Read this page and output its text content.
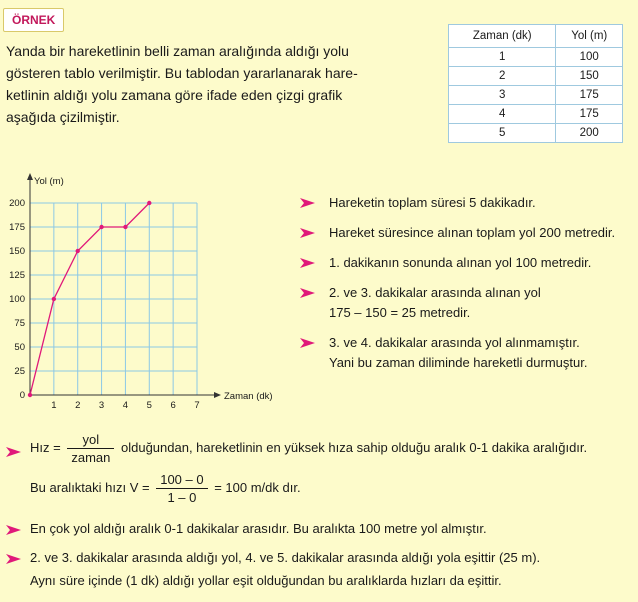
ÖRNEK

Yanda bir hareketlinin belli zaman aralığında aldığı yolu
gösteren tablo verilmiştir. Bu tablodan yararlanarak hare-
ketlinin aldığı yolu zamana göre ifade eden çizgi grafik
aşağıda çizilmiştir.

Zaman (dk)	Yol (m)
1	100
2	150
3	175
4	175
5	200
0
1 2 3 4 5 6 7
25
50
75
100
125
150
175
200
Yol (m)
Zaman (dk)
Hareketin toplam süresi 5 dakikadır.
Hareket süresince alınan toplam yol 200 metredir.
1. dakikanın sonunda alınan yol 100 metredir.
2. ve 3. dakikalar arasında alınan yol
175 – 150 = 25 metredir.
3. ve 4. dakikalar arasında yol alınmamıştır.
Yani bu zaman diliminde hareketli durmuştur.
Hız = $\frac{\text{yol}}{\text{zaman}}$ olduğundan, hareketlinin en yüksek hıza sahip olduğu aralık 0-1 dakika aralığıdır.
Bu aralıktaki hızı $V = \frac{100 - 0}{1 - 0} = 100$ m/dk dır.
En çok yol aldığı aralık 0-1 dakikalar arasıdır. Bu aralıkta 100 metre yol almıştır.
2. ve 3. dakikalar arasında aldığı yol, 4. ve 5. dakikalar arasında aldığı yola eşittir (25 m).
Aynı süre içinde (1 dk) aldığı yollar eşit olduğundan bu aralıklarda hızları da eşittir.
